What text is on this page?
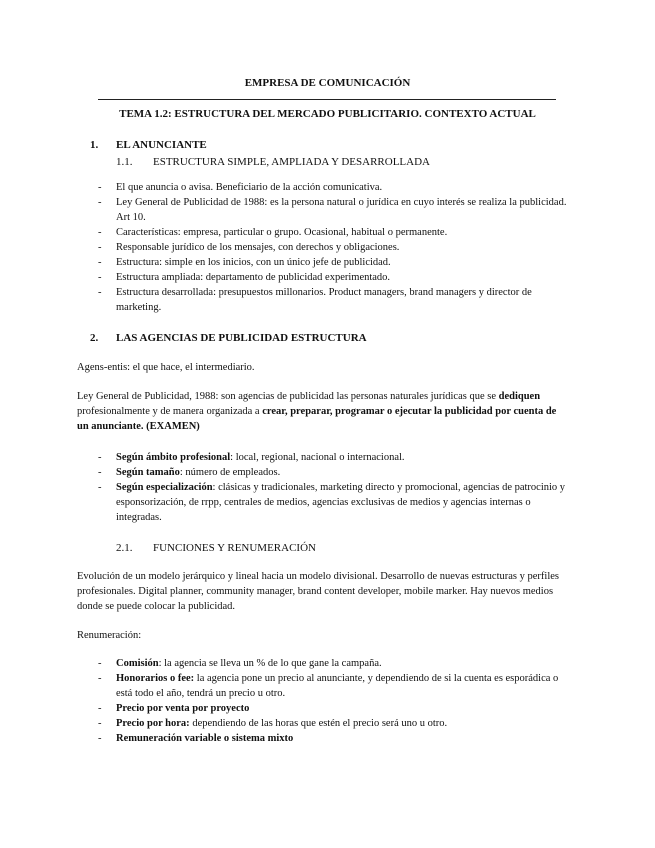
EMPRESA DE COMUNICACIÓN
TEMA 1.2: ESTRUCTURA DEL MERCADO PUBLICITARIO. CONTEXTO ACTUAL
1. EL ANUNCIANTE
1.1. ESTRUCTURA SIMPLE, AMPLIADA Y DESARROLLADA
- El que anuncia o avisa. Beneficiario de la acción comunicativa.
- Ley General de Publicidad de 1988: es la persona natural o jurídica en cuyo interés se realiza la publicidad. Art 10.
- Características: empresa, particular o grupo. Ocasional, habitual o permanente.
- Responsable jurídico de los mensajes, con derechos y obligaciones.
- Estructura: simple en los inicios, con un único jefe de publicidad.
- Estructura ampliada: departamento de publicidad experimentado.
- Estructura desarrollada: presupuestos millonarios. Product managers, brand managers y director de marketing.
2. LAS AGENCIAS DE PUBLICIDAD ESTRUCTURA
Agens-entis: el que hace, el intermediario.
Ley General de Publicidad, 1988: son agencias de publicidad las personas naturales jurídicas que se dediquen profesionalmente y de manera organizada a crear, preparar, programar o ejecutar la publicidad por cuenta de un anunciante. (EXAMEN)
- Según ámbito profesional: local, regional, nacional o internacional.
- Según tamaño: número de empleados.
- Según especialización: clásicas y tradicionales, marketing directo y promocional, agencias de patrocinio y esponsorización, de rrpp, centrales de medios, agencias exclusivas de medios y agencias internas o integradas.
2.1. FUNCIONES Y RENUMERACIÓN
Evolución de un modelo jerárquico y lineal hacia un modelo divisional. Desarrollo de nuevas estructuras y perfiles profesionales. Digital planner, community manager, brand content developer, mobile marker. Hay nuevos medios donde se puede colocar la publicidad.
Renumeración:
- Comisión: la agencia se lleva un % de lo que gane la campaña.
- Honorarios o fee: la agencia pone un precio al anunciante, y dependiendo de si la cuenta es esporádica o está todo el año, tendrá un precio u otro.
- Precio por venta por proyecto
- Precio por hora: dependiendo de las horas que estén el precio será uno u otro.
- Remuneración variable o sistema mixto
